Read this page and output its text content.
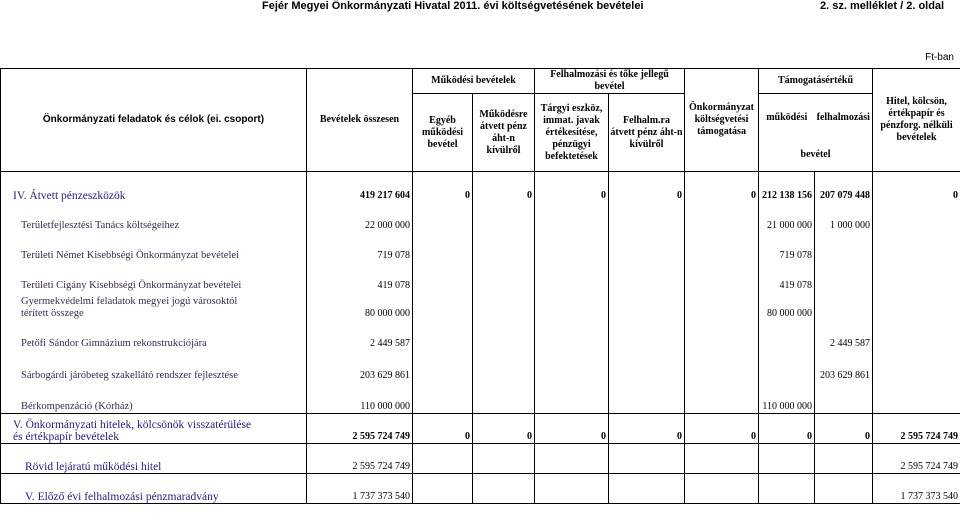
Fejér Megyei Önkormányzati Hivatal 2011. évi költségvetésének bevételei	2. sz. melléklet / 2. oldal
Ft-ban
Önkormányzati feladatok és célok (ei. csoport)	Bevételek összesen	Működési bevételek		Felhalmozási és tőke jellegű bevétel		Önkormányzat költségvetési támogatása	Támogatásértékű		Hitel, kölcsön, értékpapír és pénzforg. nélküli bevételek
		Egyéb működési bevétel	Működésre átvett pénz áht-n kívülről	Tárgyi eszköz, immat. javak értékesítése, pénzügyi befektetések	Felhalm.ra átvett pénz áht-n kívülről		működési felhalmozási
bevétel		

IV. Átvett pénzeszközök	419 217 604	0	0	0	0	0	212 138 156	207 079 448	0
Területfejlesztési Tanács költségeihez	22 000 000						21 000 000	1 000 000	
Területi Német Kisebbségi Önkormányzat bevételei	719 078						719 078		
Területi Cigány Kisebbségi Önkormányzat bevételei	419 078						419 078		

Gyermekvédelmi feladatok megyei jogú városoktól
térített összege	80 000 000						80 000 000		
Petőfi Sándor Gimnázium rekonstrukciójára	2 449 587							2 449 587	
Sárbogárdi járóbeteg szakellátó rendszer fejlesztése	203 629 861							203 629 861	
Bérkompenzáció (Kórház)	110 000 000						110 000 000		

V. Önkormányzati hitelek, kölcsönök visszatérülése
és értékpapír bevételek	2 595 724 749	0	0	0	0	0	0	0	2 595 724 749
Rövid lejáratú működési hitel	2 595 724 749								2 595 724 749
V. Előző évi felhalmozási pénzmaradvány	1 737 373 540								1 737 373 540
